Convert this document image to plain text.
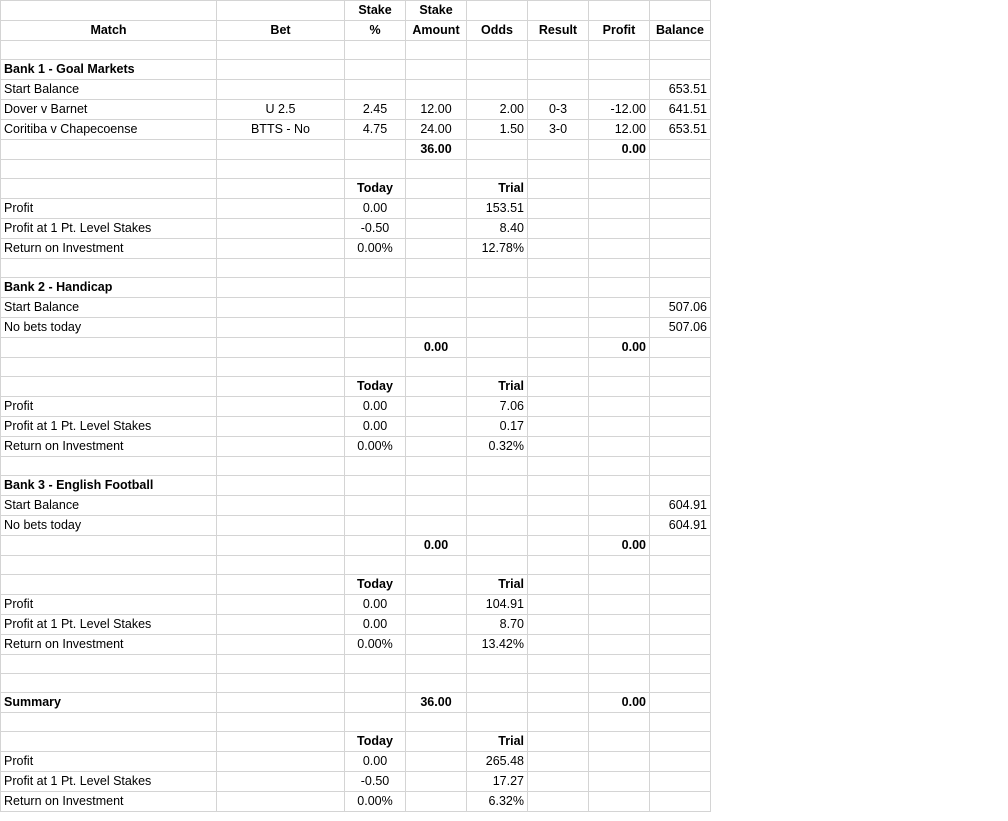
		Stake	Stake				
Match	Bet	%	Amount	Odds	Result	Profit	Balance

Bank 1 - Goal Markets							
Start Balance							653.51
Dover v Barnet	U 2.5	2.45	12.00	2.00	0-3	-12.00	641.51
Coritiba v Chapecoense	BTTS - No	4.75	24.00	1.50	3-0	12.00	653.51
			36.00			0.00	

		Today		Trial			
Profit		0.00		153.51			
Profit at 1 Pt. Level Stakes		-0.50		8.40			
Return on Investment		0.00%		12.78%			

Bank 2 - Handicap							
Start Balance							507.06
No bets today							507.06
			0.00			0.00	

		Today		Trial			
Profit		0.00		7.06			
Profit at 1 Pt. Level Stakes		0.00		0.17			
Return on Investment		0.00%		0.32%			

Bank 3 - English Football							
Start Balance							604.91
No bets today							604.91
			0.00			0.00	

		Today		Trial			
Profit		0.00		104.91			
Profit at 1 Pt. Level Stakes		0.00		8.70			
Return on Investment		0.00%		13.42%			

Summary			36.00			0.00	

		Today		Trial			
Profit		0.00		265.48			
Profit at 1 Pt. Level Stakes		-0.50		17.27			
Return on Investment		0.00%		6.32%			
